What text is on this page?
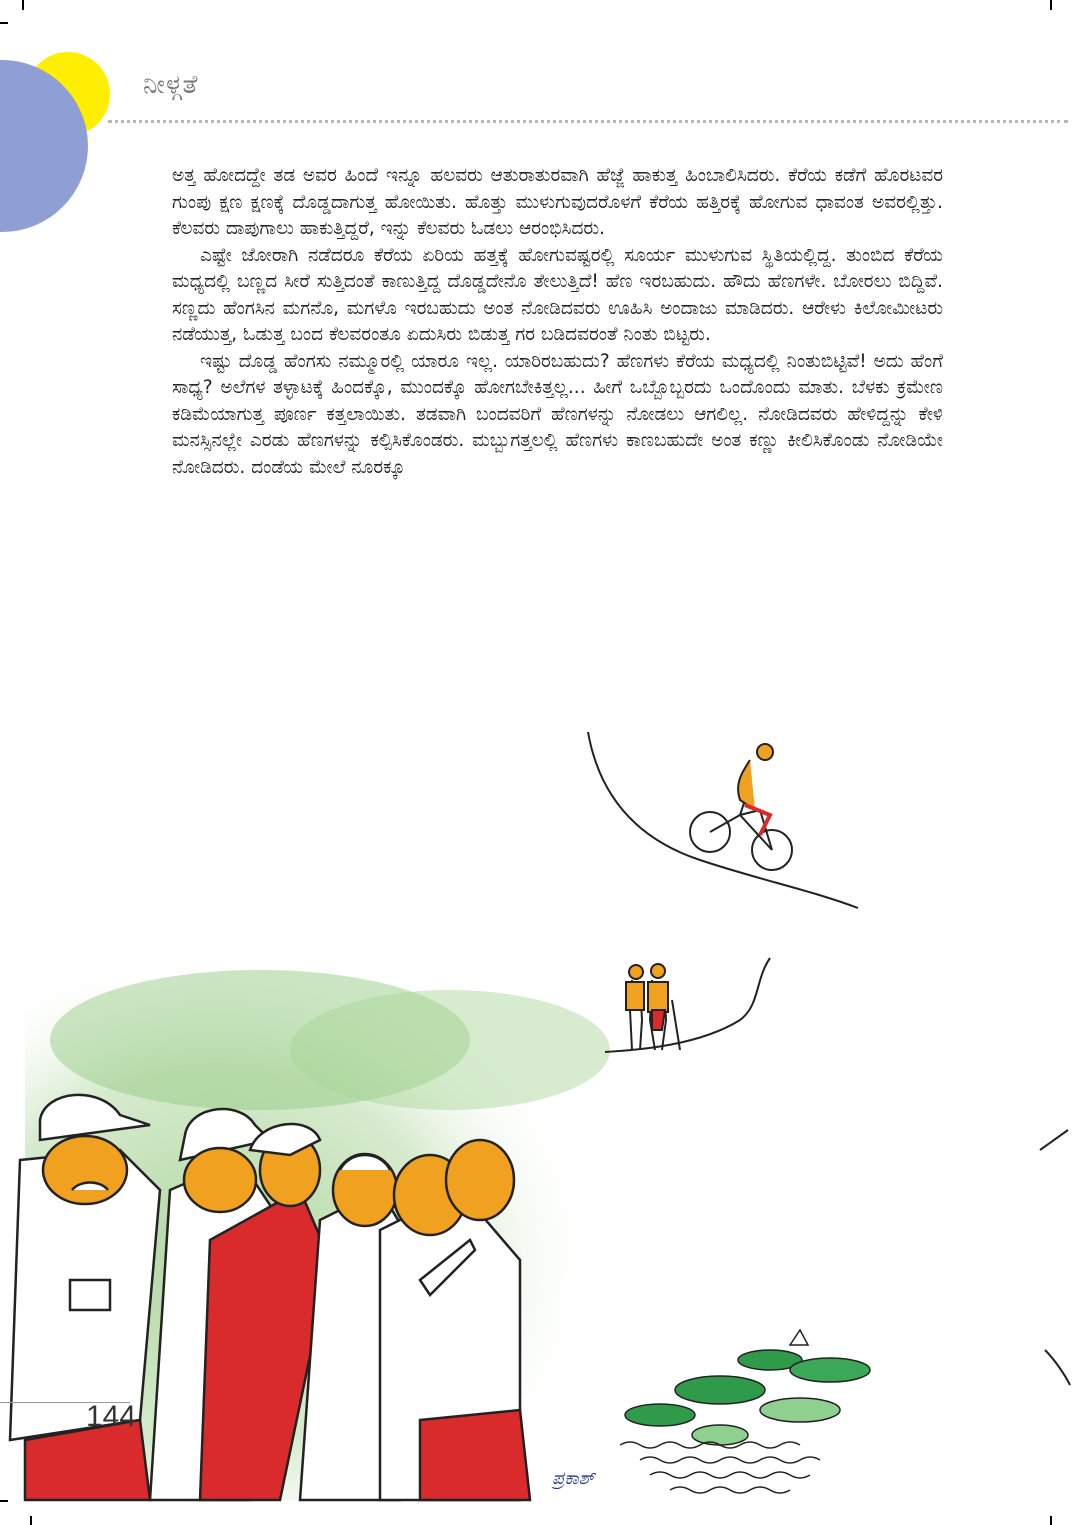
ನೀಳ್ಗತೆ

ಅತ್ತ ಹೋದದ್ದೇ ತಡ ಅವರ ಹಿಂದೆ ಇನ್ನೂ ಹಲವರು ಆತುರಾತುರವಾಗಿ ಹೆಜ್ಜೆ ಹಾಕುತ್ತ ಹಿಂಬಾಲಿಸಿದರು. ಕೆರೆಯ ಕಡೆಗೆ ಹೊರಟವರ ಗುಂಪು ಕ್ಷಣ ಕ್ಷಣಕ್ಕೆ ದೊಡ್ಡದಾಗುತ್ತ ಹೋಯಿತು. ಹೊತ್ತು ಮುಳುಗುವುದರೊಳಗೆ ಕೆರೆಯ ಹತ್ತಿರಕ್ಕೆ ಹೋಗುವ ಧಾವಂತ ಅವರಲ್ಲಿತ್ತು. ಕೆಲವರು ದಾಪುಗಾಲು ಹಾಕುತ್ತಿದ್ದರೆ, ಇನ್ನು ಕೆಲವರು ಓಡಲು ಆರಂಭಿಸಿದರು.

ಎಷ್ಟೇ ಜೋರಾಗಿ ನಡೆದರೂ ಕೆರೆಯ ಏರಿಯ ಹತ್ತಕ್ಕೆ ಹೋಗುವಷ್ಟರಲ್ಲಿ ಸೂರ್ಯ ಮುಳುಗುವ ಸ್ಥಿತಿಯಲ್ಲಿದ್ದ. ತುಂಬಿದ ಕೆರೆಯ ಮಧ್ಯದಲ್ಲಿ ಬಣ್ಣದ ಸೀರೆ ಸುತ್ತಿದಂತೆ ಕಾಣುತ್ತಿದ್ದ ದೊಡ್ಡದೇನೊ ತೇಲುತ್ತಿದೆ! ಹೆಣ ಇರಬಹುದು. ಹೌದು ಹೆಣಗಳೇ. ಬೋರಲು ಬಿದ್ದಿವೆ. ಸಣ್ಣದು ಹೆಂಗಸಿನ ಮಗನೊ, ಮಗಳೊ ಇರಬಹುದು ಅಂತ ನೋಡಿದವರು ಊಹಿಸಿ ಅಂದಾಜು ಮಾಡಿದರು. ಆರೇಳು ಕಿಲೋಮೀಟರು ನಡೆಯುತ್ತ, ಓಡುತ್ತ ಬಂದ ಕೆಲವರಂತೂ ಏದುಸಿರು ಬಿಡುತ್ತ ಗರ ಬಡಿದವರಂತೆ ನಿಂತು ಬಿಟ್ಟರು.

ಇಷ್ಟು ದೊಡ್ಡ ಹೆಂಗಸು ನಮ್ಮೂರಲ್ಲಿ ಯಾರೂ ಇಲ್ಲ. ಯಾರಿರಬಹುದು? ಹೆಣಗಳು ಕೆರೆಯ ಮಧ್ಯದಲ್ಲಿ ನಿಂತುಬಿಟ್ಟಿವೆ! ಅದು ಹೆಂಗೆ ಸಾಧ್ಯ? ಅಲೆಗಳ ತಳ್ಳಾಟಕ್ಕೆ ಹಿಂದಕ್ಕೊ, ಮುಂದಕ್ಕೊ ಹೋಗಬೇಕಿತ್ತಲ್ಲ... ಹೀಗೆ ಒಬ್ಬೊಬ್ಬರದು ಒಂದೊಂದು ಮಾತು. ಬೆಳಕು ಕ್ರಮೇಣ ಕಡಿಮೆಯಾಗುತ್ತ ಪೂರ್ಣ ಕತ್ತಲಾಯಿತು. ತಡವಾಗಿ ಬಂದವರಿಗೆ ಹೆಣಗಳನ್ನು ನೋಡಲು ಆಗಲಿಲ್ಲ. ನೋಡಿದವರು ಹೇಳಿದ್ದನ್ನು ಕೇಳಿ ಮನಸ್ಸಿನಲ್ಲೇ ಎರಡು ಹೆಣಗಳನ್ನು ಕಲ್ಪಿಸಿಕೊಂಡರು. ಮಬ್ಬುಗತ್ತಲಲ್ಲಿ ಹೆಣಗಳು ಕಾಣಬಹುದೇ ಅಂತ ಕಣ್ಣು ಕೀಲಿಸಿಕೊಂಡು ನೋಡಿಯೇ ನೋಡಿದರು. ದಂಡೆಯ ಮೇಲೆ ನೂರಕ್ಕೂ

144
ಪ್ರಕಾಶ್
